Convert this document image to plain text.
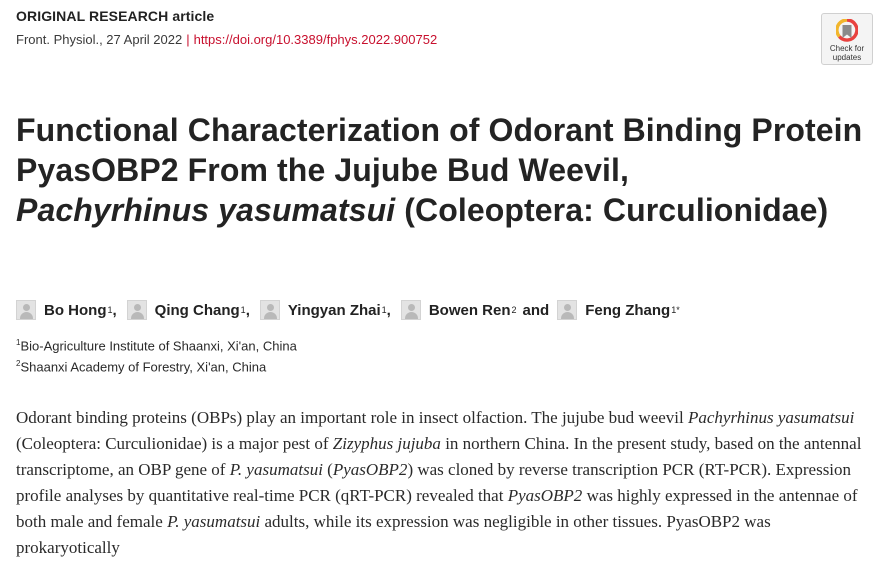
ORIGINAL RESEARCH article
Front. Physiol., 27 April 2022 | https://doi.org/10.3389/fphys.2022.900752
Check for
updates
Functional Characterization of Odorant Binding Protein PyasOBP2 From the Jujube Bud Weevil,
Pachyrhinus yasumatsui (Coleoptera: Curculionidae)
Bo Hong 1 ,	Qing Chang 1 ,	Yingyan Zhai 1 ,	Bowen Ren 2 and Feng Zhang 1*
$^1$Bio-Agriculture Institute of Shaanxi, Xi'an, China
$^2$Shaanxi Academy of Forestry, Xi'an, China

Odorant binding proteins (OBPs) play an important role in insect olfaction. The jujube bud weevil Pachyrhinus yasumatsui (Coleoptera: Curculionidae) is a major pest of Zizyphus jujuba in northern China. In the present study, based on the antennal transcriptome, an OBP gene of P. yasumatsui (PyasOBP2) was cloned by reverse transcription PCR (RT-PCR). Expression profile analyses by quantitative real-time PCR (qRT-PCR) revealed that PyasOBP2 was highly expressed in the antennae of both male and female P. yasumatsui adults, while its expression was negligible in other tissues. PyasOBP2 was prokaryotically
